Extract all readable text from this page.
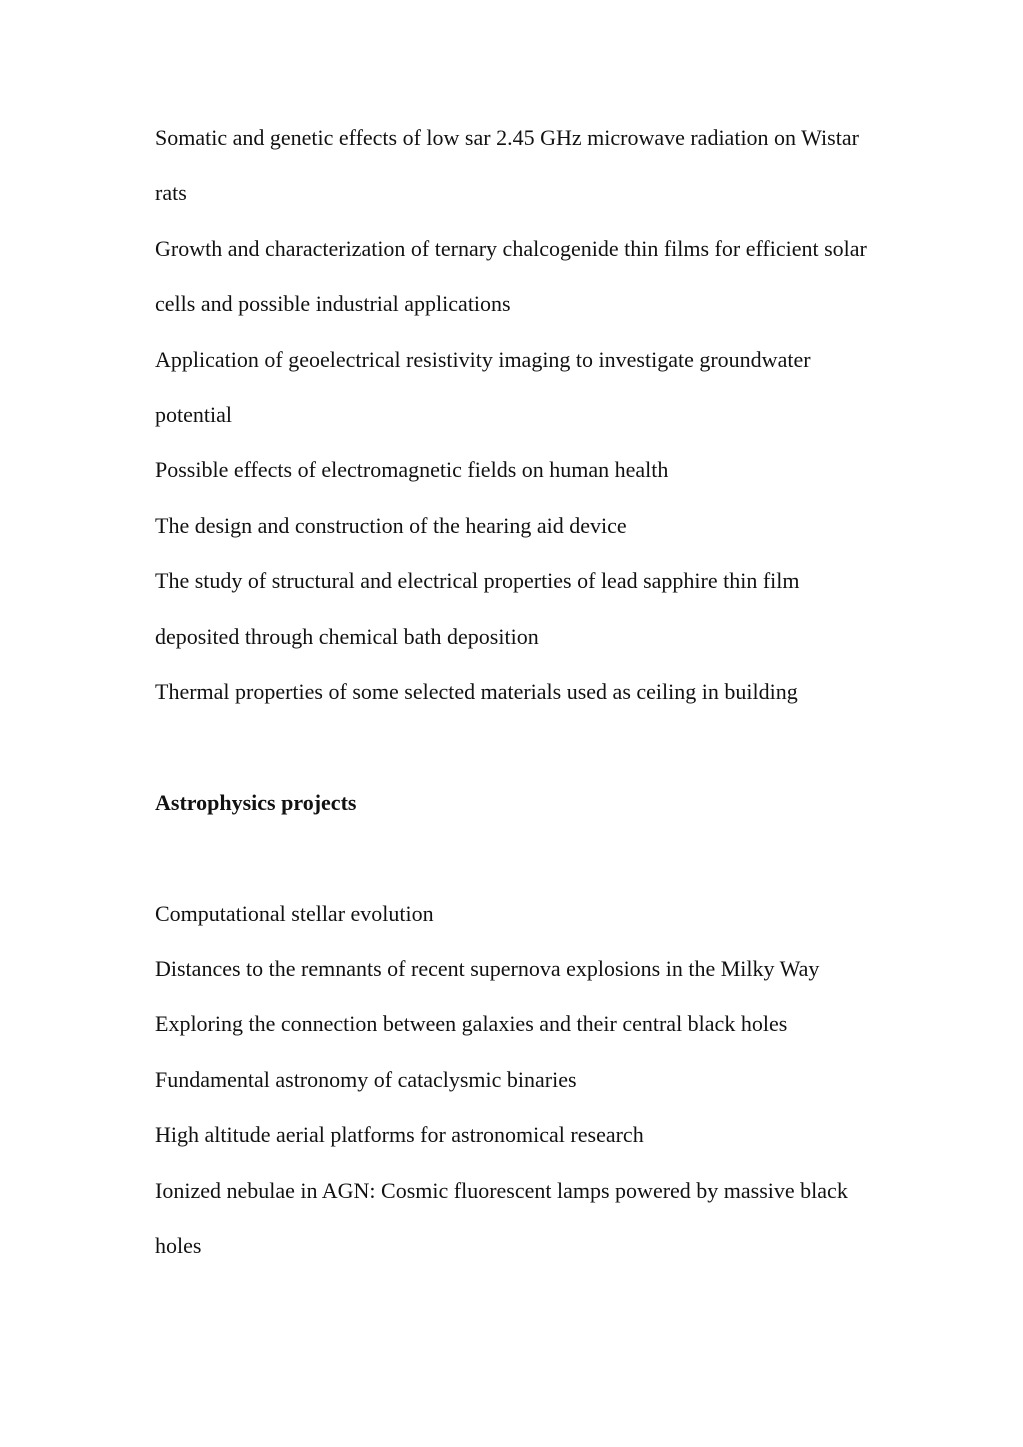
Somatic and genetic effects of low sar 2.45 GHz microwave radiation on Wistar rats

Growth and characterization of ternary chalcogenide thin films for efficient solar cells and possible industrial applications

Application of geoelectrical resistivity imaging to investigate groundwater potential

Possible effects of electromagnetic fields on human health

The design and construction of the hearing aid device

The study of structural and electrical properties of lead sapphire thin film deposited through chemical bath deposition

Thermal properties of some selected materials used as ceiling in building

Astrophysics projects

Computational stellar evolution

Distances to the remnants of recent supernova explosions in the Milky Way

Exploring the connection between galaxies and their central black holes

Fundamental astronomy of cataclysmic binaries

High altitude aerial platforms for astronomical research

Ionized nebulae in AGN: Cosmic fluorescent lamps powered by massive black holes
